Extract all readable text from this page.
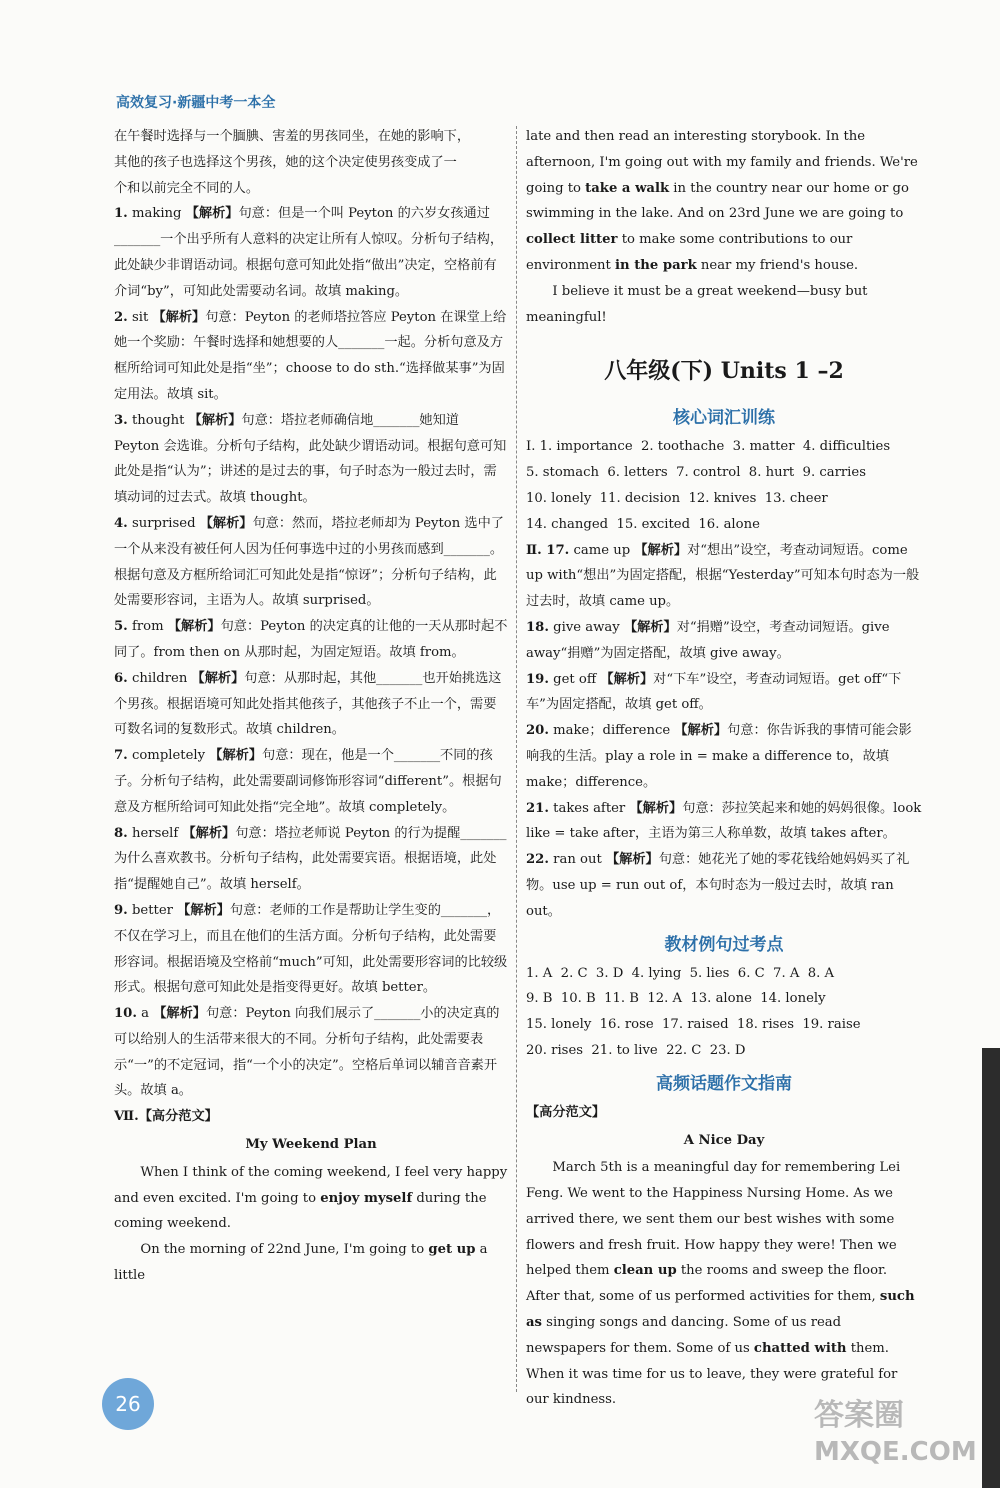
高效复习·新疆中考一本全

在午餐时选择与一个腼腆、害羞的男孩同坐，在她的影响下，

其他的孩子也选择这个男孩，她的这个决定使男孩变成了一

个和以前完全不同的人。

1. making 【解析】句意：但是一个叫 Peyton 的六岁女孩通过_______一个出乎所有人意料的决定让所有人惊叹。分析句子结构，此处缺少非谓语动词。根据句意可知此处指“做出”决定，空格前有介词“by”，可知此处需要动名词。故填 making。

2. sit 【解析】句意：Peyton 的老师塔拉答应 Peyton 在课堂上给她一个奖励：午餐时选择和她想要的人_______一起。分析句意及方框所给词可知此处是指“坐”；choose to do sth.“选择做某事”为固定用法。故填 sit。

3. thought 【解析】句意：塔拉老师确信地_______她知道 Peyton 会选谁。分析句子结构，此处缺少谓语动词。根据句意可知此处是指“认为”；讲述的是过去的事，句子时态为一般过去时，需填动词的过去式。故填 thought。

4. surprised 【解析】句意：然而，塔拉老师却为 Peyton 选中了一个从来没有被任何人因为任何事选中过的小男孩而感到_______。根据句意及方框所给词汇可知此处是指“惊讶”；分析句子结构，此处需要形容词，主语为人。故填 surprised。

5. from 【解析】句意：Peyton 的决定真的让他的一天从那时起不同了。from then on 从那时起，为固定短语。故填 from。

6. children 【解析】句意：从那时起，其他_______也开始挑选这个男孩。根据语境可知此处指其他孩子，其他孩子不止一个，需要可数名词的复数形式。故填 children。

7. completely 【解析】句意：现在，他是一个_______不同的孩子。分析句子结构，此处需要副词修饰形容词“different”。根据句意及方框所给词可知此处指“完全地”。故填 completely。

8. herself 【解析】句意：塔拉老师说 Peyton 的行为提醒_______为什么喜欢教书。分析句子结构，此处需要宾语。根据语境，此处指“提醒她自己”。故填 herself。

9. better 【解析】句意：老师的工作是帮助让学生变的_______，不仅在学习上，而且在他们的生活方面。分析句子结构，此处需要形容词。根据语境及空格前“much”可知，此处需要形容词的比较级形式。根据句意可知此处是指变得更好。故填 better。

10. a 【解析】句意：Peyton 向我们展示了_______小的决定真的可以给别人的生活带来很大的不同。分析句子结构，此处需要表示“一”的不定冠词，指“一个小的决定”。空格后单词以辅音音素开头。故填 a。

Ⅶ.【高分范文】

My Weekend Plan

When I think of the coming weekend, I feel very happy and even excited. I'm going to enjoy myself during the coming weekend.

On the morning of 22nd June, I'm going to get up a little

late and then read an interesting storybook. In the afternoon, I'm going out with my family and friends. We're going to take a walk in the country near our home or go swimming in the lake. And on 23rd June we are going to collect litter to make some contributions to our environment in the park near my friend's house.

I believe it must be a great weekend—busy but meaningful!

八年级(下) Units 1 –2
核心词汇训练

Ⅰ. 1. importance  2. toothache  3. matter  4. difficulties

5. stomach  6. letters  7. control  8. hurt  9. carries

10. lonely  11. decision  12. knives  13. cheer

14. changed  15. excited  16. alone

Ⅱ. 17. came up 【解析】对“想出”设空，考查动词短语。come up with“想出”为固定搭配，根据“Yesterday”可知本句时态为一般过去时，故填 came up。

18. give away 【解析】对“捐赠”设空，考查动词短语。give away“捐赠”为固定搭配，故填 give away。

19. get off 【解析】对“下车”设空，考查动词短语。get off“下车”为固定搭配，故填 get off。

20. make；difference 【解析】句意：你告诉我的事情可能会影响我的生活。play a role in = make a difference to，故填 make；difference。

21. takes after 【解析】句意：莎拉笑起来和她的妈妈很像。look like = take after，主语为第三人称单数，故填 takes after。

22. ran out 【解析】句意：她花光了她的零花钱给她妈妈买了礼物。use up = run out of，本句时态为一般过去时，故填 ran out。

教材例句过考点

1. A  2. C  3. D  4. lying  5. lies  6. C  7. A  8. A

9. B  10. B  11. B  12. A  13. alone  14. lonely

15. lonely  16. rose  17. raised  18. rises  19. raise

20. rises  21. to live  22. C  23. D

高频话题作文指南

【高分范文】

A Nice Day

March 5th is a meaningful day for remembering Lei Feng. We went to the Happiness Nursing Home. As we arrived there, we sent them our best wishes with some flowers and fresh fruit. How happy they were! Then we helped them clean up the rooms and sweep the floor. After that, some of us performed activities for them, such as singing songs and dancing. Some of us read newspapers for them. Some of us chatted with them. When it was time for us to leave, they were grateful for our kindness.

26	答案圈
MXQE.COM
